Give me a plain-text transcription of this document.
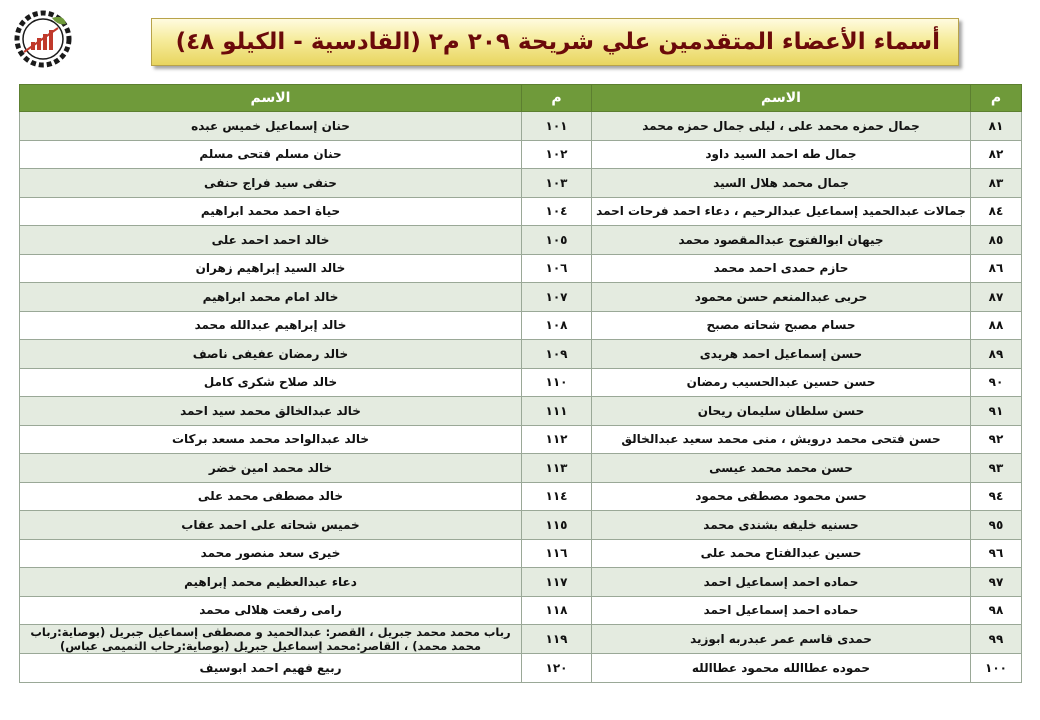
أسماء الأعضاء المتقدمين علي شريحة ٢٠٩ م٢ (القادسية - الكيلو ٤٨)
م	الاسم	م	الاسم
٨١	جمال حمزه محمد على ، ليلى جمال حمزه محمد	١٠١	حنان إسماعيل خميس عبده
٨٢	جمال طه احمد السيد داود	١٠٢	حنان مسلم فتحى مسلم
٨٣	جمال محمد هلال السيد	١٠٣	حنفى سيد فراج حنفى
٨٤	جمالات عبدالحميد إسماعيل عبدالرحيم ، دعاء احمد فرحات احمد	١٠٤	حياة احمد محمد ابراهيم
٨٥	جيهان ابوالفتوح عبدالمقصود محمد	١٠٥	خالد احمد احمد على
٨٦	حازم حمدى احمد محمد	١٠٦	خالد السيد إبراهيم زهران
٨٧	حربى عبدالمنعم حسن محمود	١٠٧	خالد امام محمد ابراهيم
٨٨	حسام مصبح شحاته مصبح	١٠٨	خالد إبراهيم عبدالله محمد
٨٩	حسن إسماعيل احمد هريدى	١٠٩	خالد رمضان عفيفى ناصف
٩٠	حسن حسين عبدالحسيب رمضان	١١٠	خالد صلاح شكرى كامل
٩١	حسن سلطان سليمان ريحان	١١١	خالد عبدالخالق محمد سيد احمد
٩٢	حسن فتحى محمد درويش ، منى محمد سعيد عبدالخالق	١١٢	خالد عبدالواحد محمد مسعد بركات
٩٣	حسن محمد محمد عيسى	١١٣	خالد محمد امين خضر
٩٤	حسن محمود مصطفى محمود	١١٤	خالد مصطفى محمد على
٩٥	حسنيه خليفه بشندى محمد	١١٥	خميس شحاته على احمد عقاب
٩٦	حسين عبدالفتاح محمد على	١١٦	خيرى سعد منصور محمد
٩٧	حماده احمد إسماعيل احمد	١١٧	دعاء عبدالعظيم محمد إبراهيم
٩٨	حماده احمد إسماعيل احمد	١١٨	رامى رفعت هلالى محمد
٩٩	حمدى قاسم عمر عبدربه ابوزيد	١١٩	رباب محمد محمد جبريل ، القصر: عبدالحميد و مصطفى إسماعيل جبريل (بوصاية:رباب محمد محمد) ، القاصر:محمد إسماعيل جبريل (بوصاية:رحاب التميمى عباس)
١٠٠	حموده عطاالله محمود عطاالله	١٢٠	ربيع فهيم احمد ابوسيف
